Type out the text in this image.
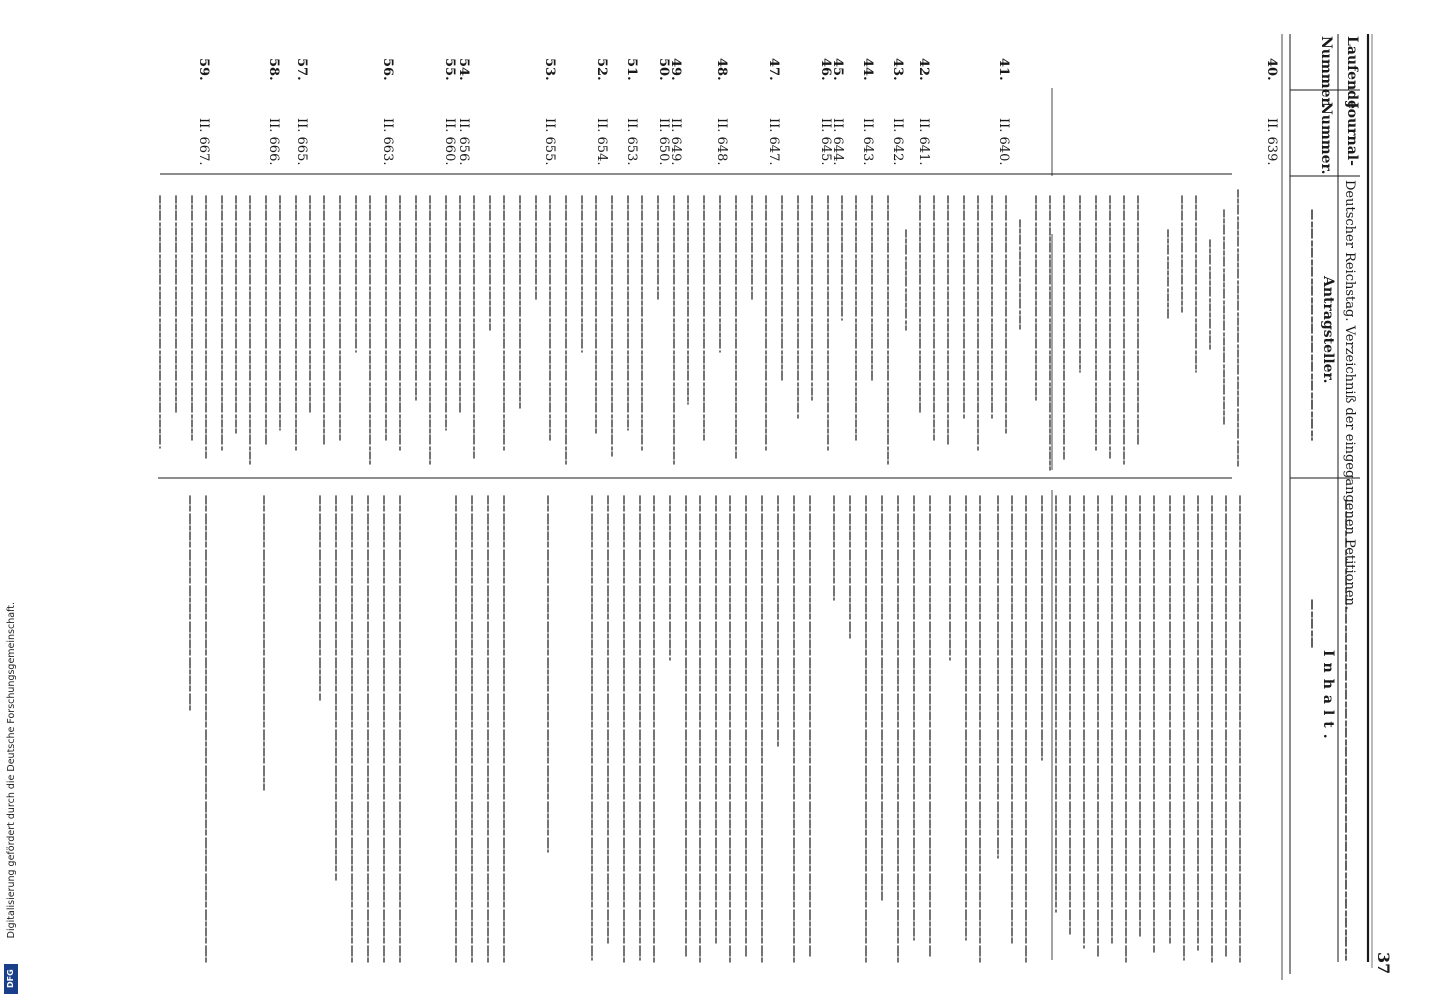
Deutscher Reichstag. Verzeichniß der eingegangenen Petitionen.
37
Laufende
Nummer.
Journal-
Nummer.
Antragsteller.
Inhalt.
40.
II. 639.
41.
II. 640.
42.
II. 641.
43.
II. 642.
44.
II. 643.
45.
II. 644.
46.
II. 645.
47.
II. 647.
48.
II. 648.
49.
II. 649.
50.
II. 650.
51.
II. 653.
52.
II. 654.
53.
II. 655.
54.
II. 656.
55.
II. 660.
56.
II. 663.
57.
II. 665.
58.
II. 666.
59.
II. 667.
Digitalisierung gefördert durch die Deutsche Forschungsgemeinschaft.
DFG
